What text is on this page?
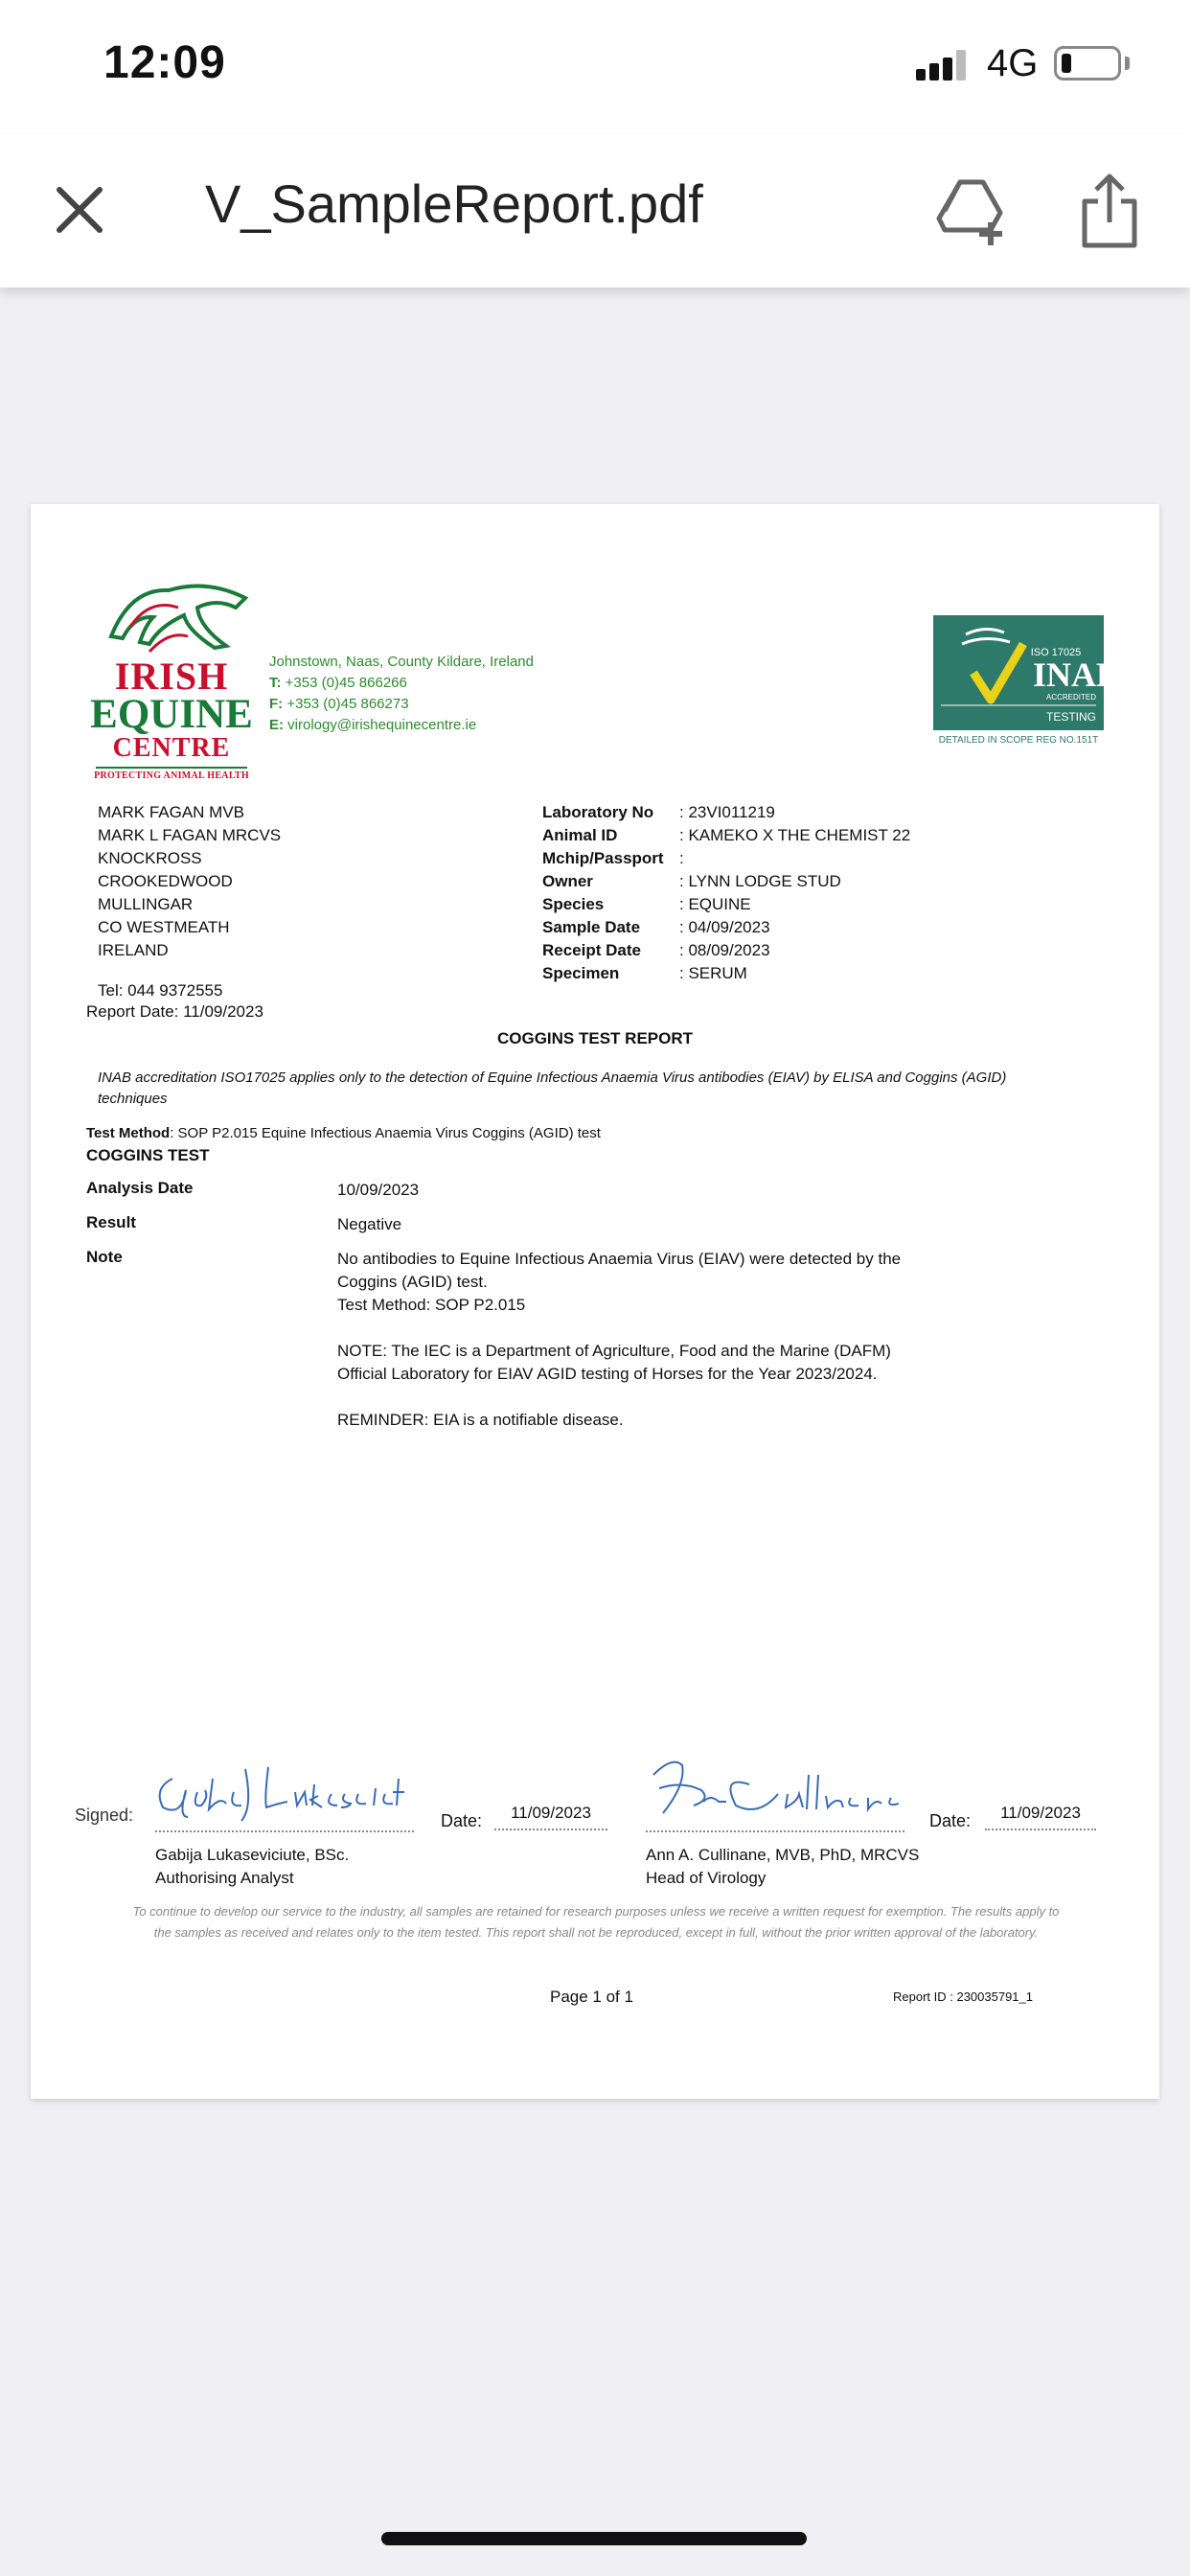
12:09	4G
V_SampleReport.pdf
IRISH
EQUINE
CENTRE
PROTECTING ANIMAL HEALTH
Johnstown, Naas, County Kildare, Ireland
T: +353 (0)45 866266
F: +353 (0)45 866273
E: virology@irishequinecentre.ie
ISO 17025
INAB
ACCREDITED
TESTING
DETAILED IN SCOPE REG NO.151T
MARK FAGAN MVB
MARK L FAGAN MRCVS
KNOCKROSS
CROOKEDWOOD
MULLINGAR
CO WESTMEATH
IRELAND
Tel: 044 9372555
Report Date: 11/09/2023
Laboratory No	: 23VI011219
Animal ID	: KAMEKO X THE CHEMIST 22
Mchip/Passport :
Owner	: LYNN LODGE STUD
Species	: EQUINE
Sample Date	: 04/09/2023
Receipt Date	: 08/09/2023
Specimen	: SERUM
COGGINS TEST REPORT
INAB accreditation ISO17025 applies only to the detection of Equine Infectious Anaemia Virus antibodies (EIAV) by ELISA and Coggins (AGID) techniques
Test Method: SOP P2.015 Equine Infectious Anaemia Virus Coggins (AGID) test
COGGINS TEST
Analysis Date	10/09/2023
Result	Negative
Note	No antibodies to Equine Infectious Anaemia Virus (EIAV) were detected by the Coggins (AGID) test.
Test Method: SOP P2.015
NOTE: The IEC is a Department of Agriculture, Food and the Marine (DAFM) Official Laboratory for EIAV AGID testing of Horses for the Year 2023/2024.
REMINDER: EIA is a notifiable disease.
Signed:
Gabija Lukaseviciute, BSc.
Authorising Analyst
Date:	11/09/2023
Ann A. Cullinane, MVB, PhD, MRCVS
Head of Virology
Date:	11/09/2023
To continue to develop our service to the industry, all samples are retained for research purposes unless we receive a written request for exemption. The results apply to the samples as received and relates only to the item tested. This report shall not be reproduced, except in full, without the prior written approval of the laboratory.
Page 1 of 1	Report ID : 230035791_1
